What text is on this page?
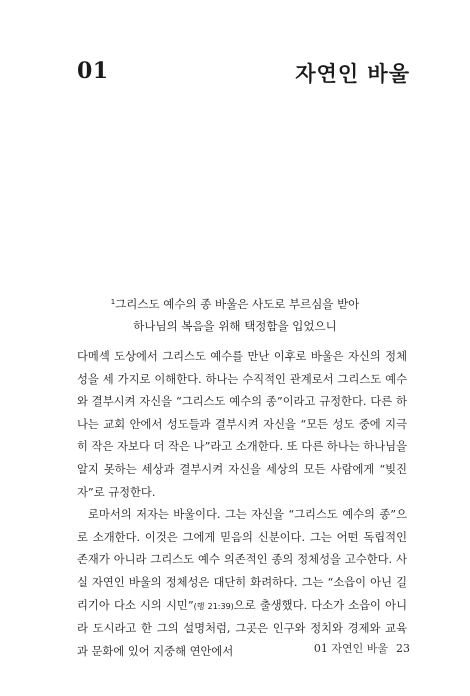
01	자연인 바울
$^1$그리스도 예수의 종 바울은 사도로 부르심을 받아
하나님의 복음을 위해 택정함을 입었으니

다메섹 도상에서 그리스도 예수를 만난 이후로 바울은 자신의 정체성을 세 가지로 이해한다. 하나는 수직적인 관계로서 그리스도 예수와 결부시켜 자신을 “그리스도 예수의 종”이라고 규정한다. 다른 하나는 교회 안에서 성도들과 결부시켜 자신을 “모든 성도 중에 지극히 작은 자보다 더 작은 나”라고 소개한다. 또 다른 하나는 하나님을 알지 못하는 세상과 결부시켜 자신을 세상의 모든 사람에게 “빚진 자”로 규정한다.

로마서의 저자는 바울이다. 그는 자신을 “그리스도 예수의 종”으로 소개한다. 이것은 그에게 믿음의 신분이다. 그는 어떤 독립적인 존재가 아니라 그리스도 예수 의존적인 종의 정체성을 고수한다. 사실 자연인 바울의 정체성은 대단히 화려하다. 그는 “소읍이 아닌 길리기아 다소 시의 시민”(행 21:39)으로 출생했다. 다소가 소읍이 아니라 도시라고 한 그의 설명처럼, 그곳은 인구와 정치와 경제와 교육과 문화에 있어 지중해 연안에서	01 자연인 바울 23
